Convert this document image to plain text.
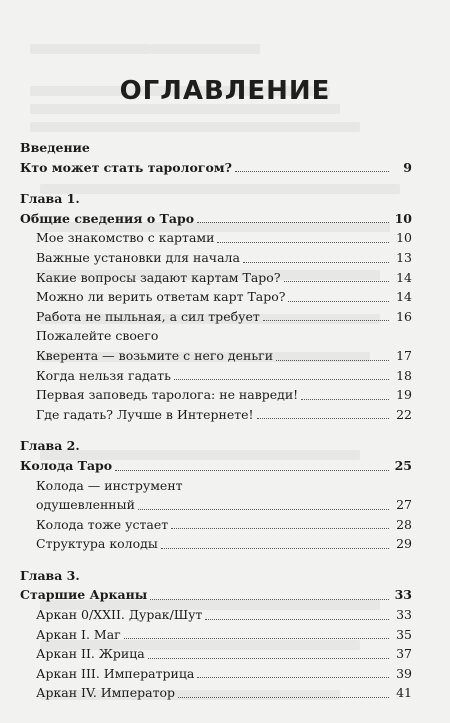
ОГЛАВЛЕНИЕ
Введение
Кто может стать тарологом?	9
Глава 1.
Общие сведения о Таро	10
Мое знакомство с картами	10
Важные установки для начала	13
Какие вопросы задают картам Таро?	14
Можно ли верить ответам карт Таро?	14
Работа не пыльная, а сил требует	16
Пожалейте своего
Кверента — возьмите с него деньги	17
Когда нельзя гадать	18
Первая заповедь таролога: не навреди!	19
Где гадать? Лучше в Интернете!	22
Глава 2.
Колода Таро	25
Колода — инструмент
одушевленный	27
Колода тоже устает	28
Структура колоды	29
Глава 3.
Старшие Арканы	33
Аркан 0/XXII. Дурак/Шут	33
Аркан I. Маг	35
Аркан II. Жрица	37
Аркан III. Императрица	39
Аркан IV. Император	41
